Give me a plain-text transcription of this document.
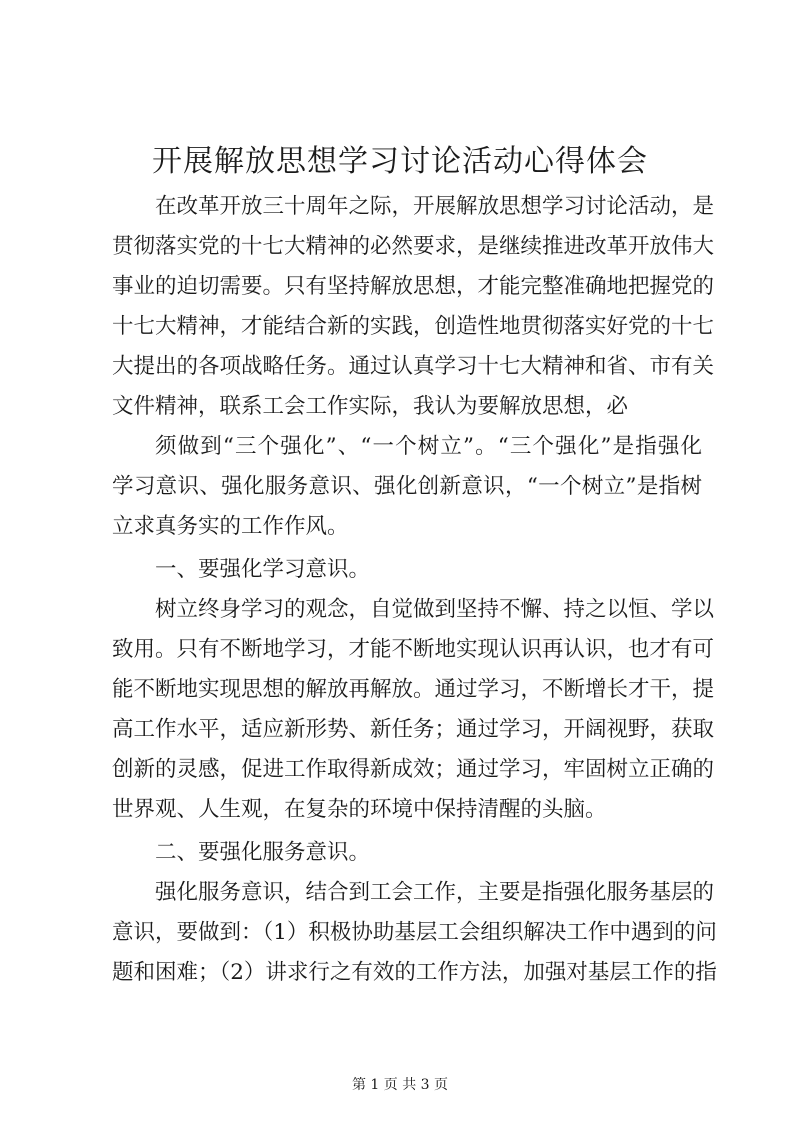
开展解放思想学习讨论活动心得体会
在改革开放三十周年之际，开展解放思想学习讨论活动，是
贯彻落实党的十七大精神的必然要求，是继续推进改革开放伟大
事业的迫切需要。只有坚持解放思想，才能完整准确地把握党的
十七大精神，才能结合新的实践，创造性地贯彻落实好党的十七
大提出的各项战略任务。通过认真学习十七大精神和省、市有关
文件精神，联系工会工作实际，我认为要解放思想，必
须做到“三个强化”、“一个树立”。“三个强化”是指强化
学习意识、强化服务意识、强化创新意识，“一个树立”是指树
立求真务实的工作作风。
一、要强化学习意识。
树立终身学习的观念，自觉做到坚持不懈、持之以恒、学以
致用。只有不断地学习，才能不断地实现认识再认识，也才有可
能不断地实现思想的解放再解放。通过学习，不断增长才干，提
高工作水平，适应新形势、新任务；通过学习，开阔视野，获取
创新的灵感，促进工作取得新成效；通过学习，牢固树立正确的
世界观、人生观，在复杂的环境中保持清醒的头脑。
二、要强化服务意识。
强化服务意识，结合到工会工作，主要是指强化服务基层的
意识，要做到：（1）积极协助基层工会组织解决工作中遇到的问
题和困难；（2）讲求行之有效的工作方法，加强对基层工作的指
第 1 页 共 3 页
